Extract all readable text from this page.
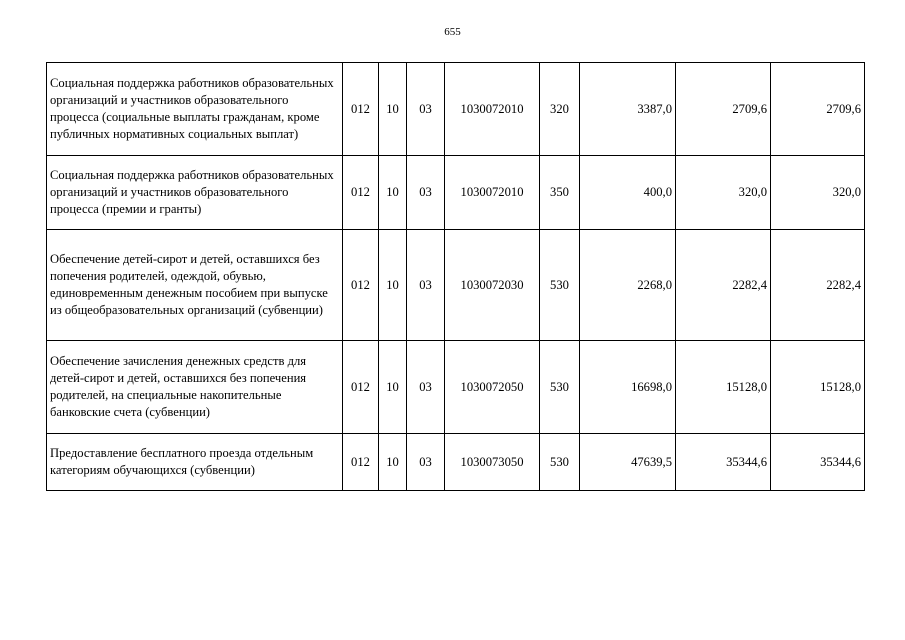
655
Социальная поддержка работников образовательных организаций и участников образовательного процесса (социальные выплаты гражданам, кроме публичных нормативных социальных выплат)	012	10	03	1030072010	320	3387,0	2709,6	2709,6
Социальная поддержка работников образовательных организаций и участников образовательного процесса (премии и гранты)	012	10	03	1030072010	350	400,0	320,0	320,0
Обеспечение детей-сирот и детей, оставшихся без попечения родителей, одеждой, обувью, единовременным денежным пособием при выпуске из общеобразовательных организаций (субвенции)	012	10	03	1030072030	530	2268,0	2282,4	2282,4
Обеспечение зачисления денежных средств для детей-сирот и детей, оставшихся без попечения родителей, на специальные накопительные банковские счета (субвенции)	012	10	03	1030072050	530	16698,0	15128,0	15128,0
Предоставление бесплатного проезда отдельным категориям обучающихся (субвенции)	012	10	03	1030073050	530	47639,5	35344,6	35344,6
